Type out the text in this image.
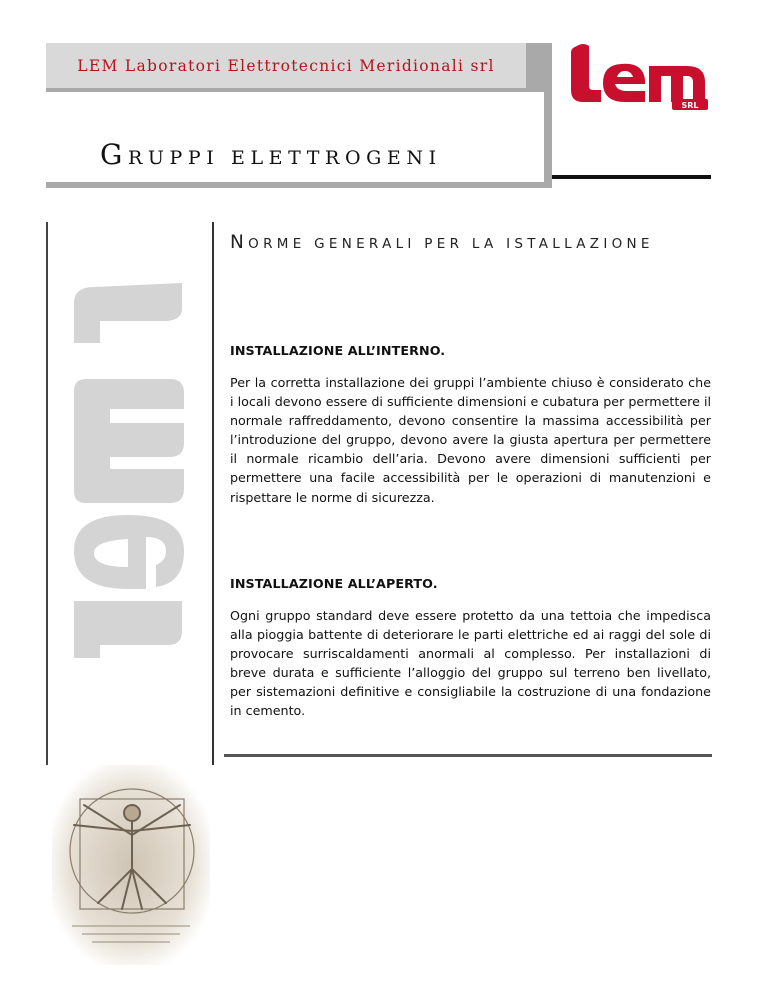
LEM Laboratori Elettrotecnici Meridionali srl
GRUPPI ELETTROGENI
SRL
NORME GENERALI PER LA ISTALLAZIONE
INSTALLAZIONE ALL’INTERNO.
Per la corretta installazione dei gruppi l’ambiente chiuso è considerato che i locali devono essere di sufficiente dimensioni e cubatura per permettere il normale raffreddamento, devono consentire la massima accessibilità per l’introduzione del gruppo, devono avere la giusta apertura per permettere il normale ricambio dell’aria. Devono avere dimensioni sufficienti per permettere una facile accessibilità per le operazioni di manutenzioni e rispettare le norme di sicurezza.
INSTALLAZIONE ALL’APERTO.
Ogni gruppo standard deve essere protetto da una tettoia che impedisca alla pioggia battente di deteriorare le parti elettriche ed ai raggi del sole di provocare surriscaldamenti anormali al complesso. Per installazioni di breve durata e sufficiente l’alloggio del gruppo sul terreno ben livellato, per sistemazioni definitive e consigliabile la costruzione di una fondazione in cemento.
